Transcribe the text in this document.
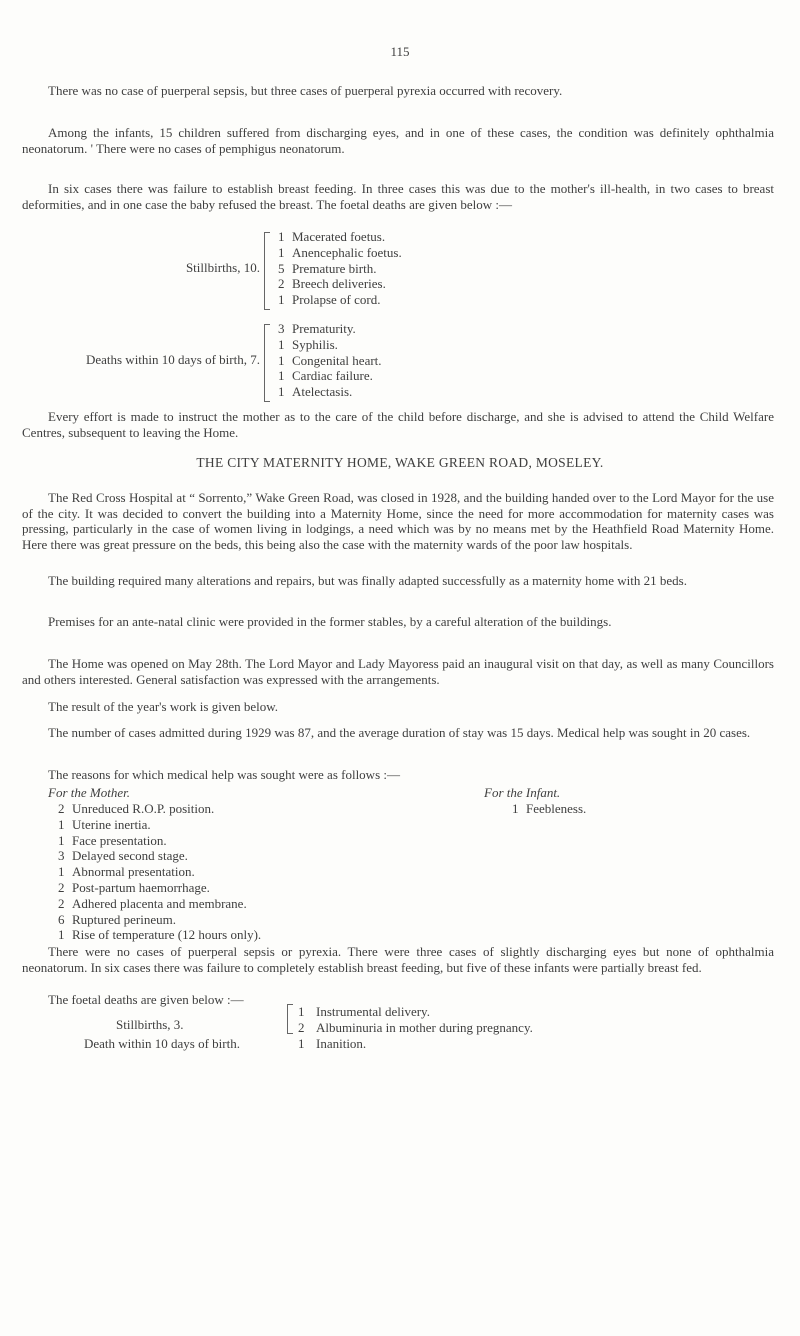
115

There was no case of puerperal sepsis, but three cases of puerperal pyrexia occurred with recovery.

Among the infants, 15 children suffered from discharging eyes, and in one of these cases, the condition was definitely ophthalmia neonatorum. ' There were no cases of pemphigus neonatorum.

In six cases there was failure to establish breast feeding. In three cases this was due to the mother's ill-health, in two cases to breast deformities, and in one case the baby refused the breast. The foetal deaths are given below :—

Stillbirths, 10.
1 Macerated foetus.
1 Anencephalic foetus.
5 Premature birth.
2 Breech deliveries.
1 Prolapse of cord.
Deaths within 10 days of birth, 7.
3 Prematurity.
1 Syphilis.
1 Congenital heart.
1 Cardiac failure.
1 Atelectasis.

Every effort is made to instruct the mother as to the care of the child before discharge, and she is advised to attend the Child Welfare Centres, subsequent to leaving the Home.

THE CITY MATERNITY HOME, WAKE GREEN ROAD, MOSELEY.

The Red Cross Hospital at “ Sorrento,” Wake Green Road, was closed in 1928, and the building handed over to the Lord Mayor for the use of the city. It was decided to convert the building into a Maternity Home, since the need for more accommodation for maternity cases was pressing, particularly in the case of women living in lodgings, a need which was by no means met by the Heathfield Road Maternity Home. Here there was great pressure on the beds, this being also the case with the maternity wards of the poor law hospitals.

The building required many alterations and repairs, but was finally adapted successfully as a maternity home with 21 beds.

Premises for an ante-natal clinic were provided in the former stables, by a careful alteration of the buildings.

The Home was opened on May 28th. The Lord Mayor and Lady Mayoress paid an inaugural visit on that day, as well as many Councillors and others interested. General satisfaction was expressed with the arrangements.

The result of the year's work is given below.

The number of cases admitted during 1929 was 87, and the average duration of stay was 15 days. Medical help was sought in 20 cases.

The reasons for which medical help was sought were as follows :—

For the Mother.	For the Infant.
2 Unreduced R.O.P. position.
1 Uterine inertia.
1 Face presentation.
3 Delayed second stage.
1 Abnormal presentation.
2 Post-partum haemorrhage.
2 Adhered placenta and membrane.
6 Ruptured perineum.
1 Rise of temperature (12 hours only).
1 Feebleness.

There were no cases of puerperal sepsis or pyrexia. There were three cases of slightly discharging eyes but none of ophthalmia neonatorum. In six cases there was failure to completely establish breast feeding, but five of these infants were partially breast fed.

The foetal deaths are given below :—

Stillbirths, 3.
1 Instrumental delivery.
2 Albuminuria in mother during pregnancy.
Death within 10 days of birth.	1 Inanition.
